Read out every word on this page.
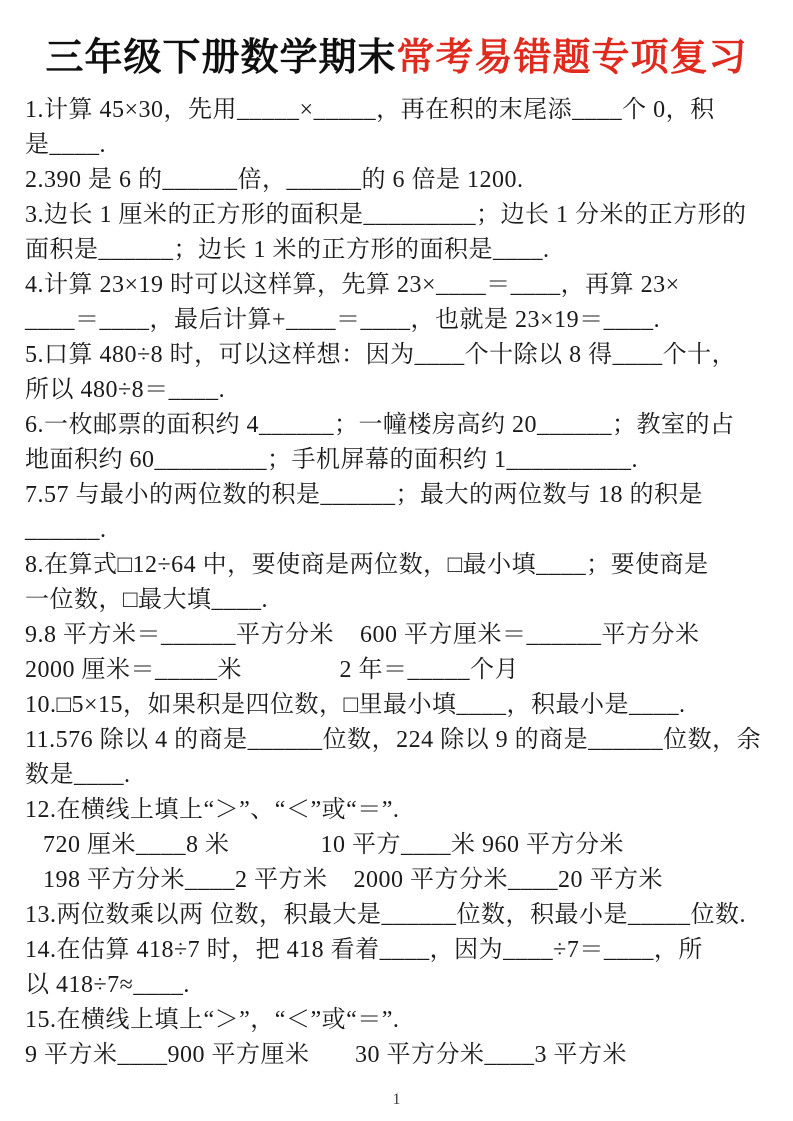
三年级下册数学期末常考易错题专项复习

1.计算 45×30，先用_____×_____，再在积的末尾添____个 0，积

是____.

2.390 是 6 的______倍，______的 6 倍是 1200.

3.边长 1 厘米的正方形的面积是_________；边长 1 分米的正方形的

面积是______；边长 1 米的正方形的面积是____.

4.计算 23×19 时可以这样算，先算 23×____＝____，再算 23×

____＝____，最后计算+____＝____，也就是 23×19＝____.

5.口算 480÷8 时，可以这样想：因为____个十除以 8 得____个十，

所以 480÷8＝____.

6.一枚邮票的面积约 4______；一幢楼房高约 20______；教室的占

地面积约 60_________；手机屏幕的面积约 1__________.

7.57 与最小的两位数的积是______；最大的两位数与 18 的积是

______.

8.在算式□12÷64 中，要使商是两位数，□最小填____；要使商是

一位数，□最大填____.

9.8 平方米＝______平方分米    600 平方厘米＝______平方分米

2000 厘米＝_____米               2 年＝_____个月

10.□5×15，如果积是四位数，□里最小填____，积最小是____.

11.576 除以 4 的商是______位数，224 除以 9 的商是______位数，余

数是____.

12.在横线上填上“＞”、“＜”或“＝”.

720 厘米____8 米              10 平方____米 960 平方分米

198 平方分米____2 平方米    2000 平方分米____20 平方米

13.两位数乘以两 位数，积最大是______位数，积最小是_____位数.

14.在估算 418÷7 时，把 418 看着____，因为____÷7＝____，所

以 418÷7≈____.

15.在横线上填上“＞”，“＜”或“＝”.

9 平方米____900 平方厘米       30 平方分米____3 平方米

1
